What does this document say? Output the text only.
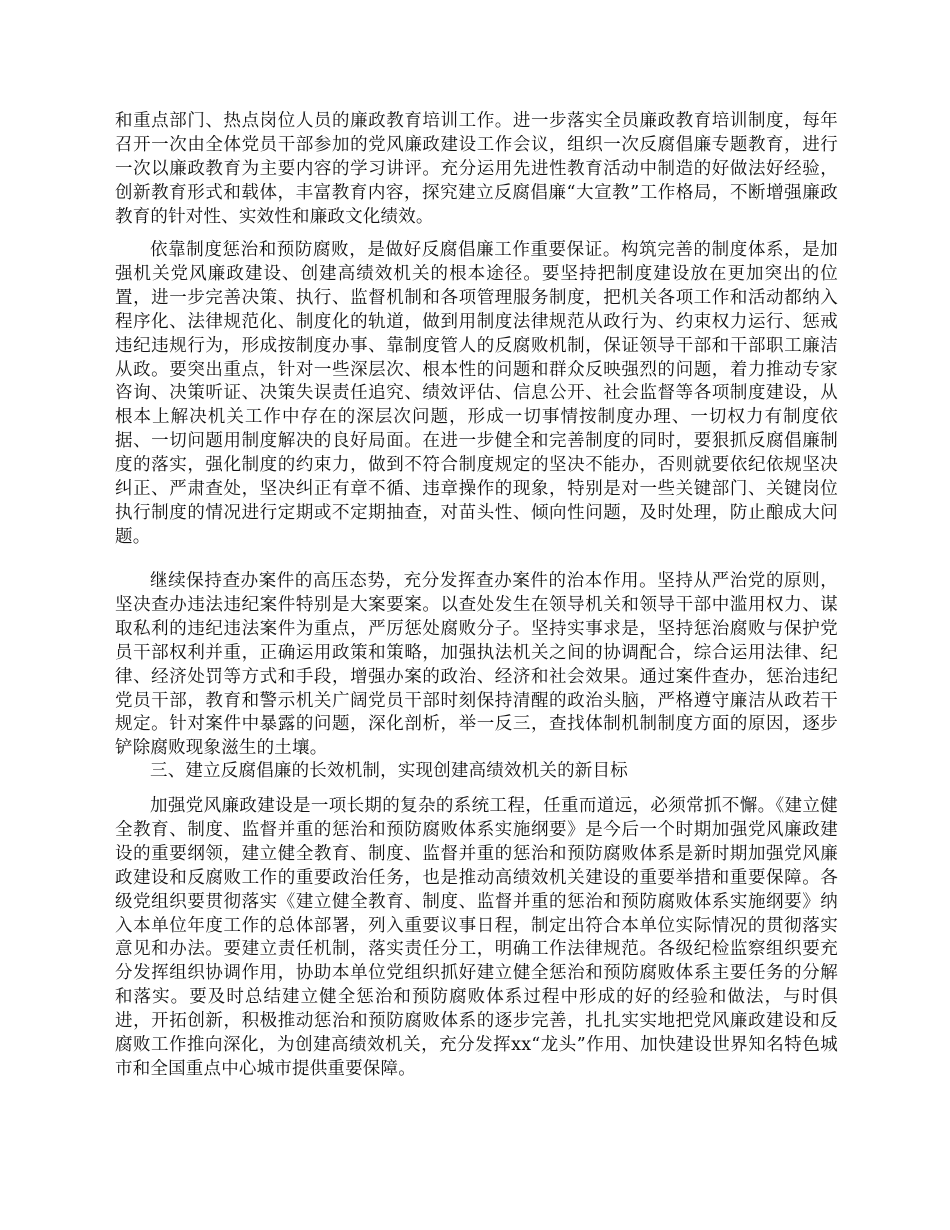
和重点部门、热点岗位人员的廉政教育培训工作。进一步落实全员廉政教育培训制度，每年召开一次由全体党员干部参加的党风廉政建设工作会议，组织一次反腐倡廉专题教育，进行一次以廉政教育为主要内容的学习讲评。充分运用先进性教育活动中制造的好做法好经验，创新教育形式和载体，丰富教育内容，探究建立反腐倡廉“大宣教”工作格局，不断增强廉政教育的针对性、实效性和廉政文化绩效。

依靠制度惩治和预防腐败，是做好反腐倡廉工作重要保证。构筑完善的制度体系，是加强机关党风廉政建设、创建高绩效机关的根本途径。要坚持把制度建设放在更加突出的位置，进一步完善决策、执行、监督机制和各项管理服务制度，把机关各项工作和活动都纳入程序化、法律规范化、制度化的轨道，做到用制度法律规范从政行为、约束权力运行、惩戒违纪违规行为，形成按制度办事、靠制度管人的反腐败机制，保证领导干部和干部职工廉洁从政。要突出重点，针对一些深层次、根本性的问题和群众反映强烈的问题，着力推动专家咨询、决策听证、决策失误责任追究、绩效评估、信息公开、社会监督等各项制度建设，从根本上解决机关工作中存在的深层次问题，形成一切事情按制度办理、一切权力有制度依据、一切问题用制度解决的良好局面。在进一步健全和完善制度的同时，要狠抓反腐倡廉制度的落实，强化制度的约束力，做到不符合制度规定的坚决不能办，否则就要依纪依规坚决纠正、严肃查处，坚决纠正有章不循、违章操作的现象，特别是对一些关键部门、关键岗位执行制度的情况进行定期或不定期抽查，对苗头性、倾向性问题，及时处理，防止酿成大问题。

继续保持查办案件的高压态势，充分发挥查办案件的治本作用。坚持从严治党的原则，坚决查办违法违纪案件特别是大案要案。以查处发生在领导机关和领导干部中滥用权力、谋取私利的违纪违法案件为重点，严厉惩处腐败分子。坚持实事求是，坚持惩治腐败与保护党员干部权利并重，正确运用政策和策略，加强执法机关之间的协调配合，综合运用法律、纪律、经济处罚等方式和手段，增强办案的政治、经济和社会效果。通过案件查办，惩治违纪党员干部，教育和警示机关广阔党员干部时刻保持清醒的政治头脑，严格遵守廉洁从政若干规定。针对案件中暴露的问题，深化剖析，举一反三，查找体制机制制度方面的原因，逐步铲除腐败现象滋生的土壤。

三、建立反腐倡廉的长效机制，实现创建高绩效机关的新目标

加强党风廉政建设是一项长期的复杂的系统工程，任重而道远，必须常抓不懈。《建立健全教育、制度、监督并重的惩治和预防腐败体系实施纲要》是今后一个时期加强党风廉政建设的重要纲领，建立健全教育、制度、监督并重的惩治和预防腐败体系是新时期加强党风廉政建设和反腐败工作的重要政治任务，也是推动高绩效机关建设的重要举措和重要保障。各级党组织要贯彻落实《建立健全教育、制度、监督并重的惩治和预防腐败体系实施纲要》纳入本单位年度工作的总体部署，列入重要议事日程，制定出符合本单位实际情况的贯彻落实意见和办法。要建立责任机制，落实责任分工，明确工作法律规范。各级纪检监察组织要充分发挥组织协调作用，协助本单位党组织抓好建立健全惩治和预防腐败体系主要任务的分解和落实。要及时总结建立健全惩治和预防腐败体系过程中形成的好的经验和做法，与时俱进，开拓创新，积极推动惩治和预防腐败体系的逐步完善，扎扎实实地把党风廉政建设和反腐败工作推向深化，为创建高绩效机关，充分发挥xx“龙头”作用、加快建设世界知名特色城市和全国重点中心城市提供重要保障。
